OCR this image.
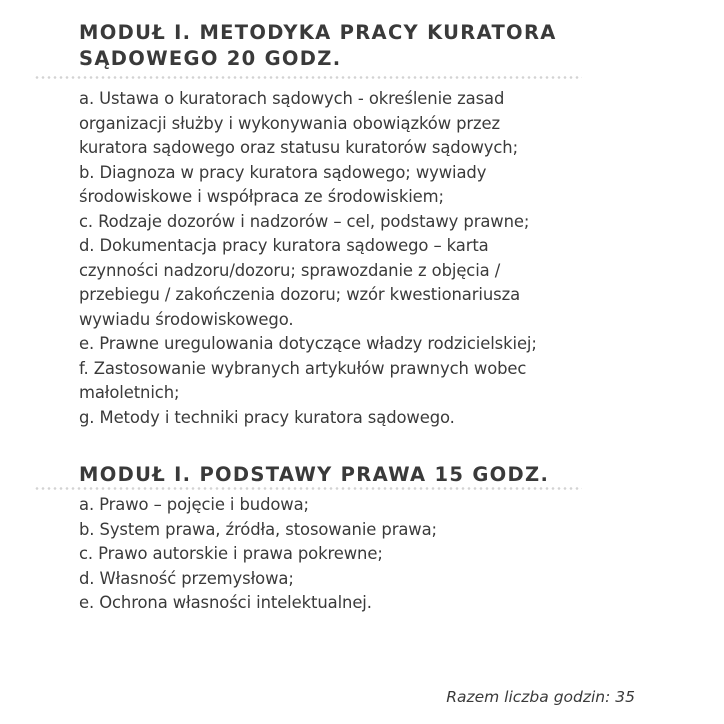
MODUŁ I. METODYKA PRACY KURATORA
SĄDOWEGO 20 GODZ.
a. Ustawa o kuratorach sądowych - określenie zasad
organizacji służby i wykonywania obowiązków przez
kuratora sądowego oraz statusu kuratorów sądowych;
b. Diagnoza w pracy kuratora sądowego; wywiady
środowiskowe i współpraca ze środowiskiem;
c. Rodzaje dozorów i nadzorów – cel, podstawy prawne;
d. Dokumentacja pracy kuratora sądowego – karta
czynności nadzoru/dozoru; sprawozdanie z objęcia /
przebiegu / zakończenia dozoru; wzór kwestionariusza
wywiadu środowiskowego.
e. Prawne uregulowania dotyczące władzy rodzicielskiej;
f. Zastosowanie wybranych artykułów prawnych wobec
małoletnich;
g. Metody i techniki pracy kuratora sądowego.
MODUŁ I. PODSTAWY PRAWA 15 GODZ.
a. Prawo – pojęcie i budowa;
b. System prawa, źródła, stosowanie prawa;
c. Prawo autorskie i prawa pokrewne;
d. Własność przemysłowa;
e. Ochrona własności intelektualnej.
Razem liczba godzin: 35
